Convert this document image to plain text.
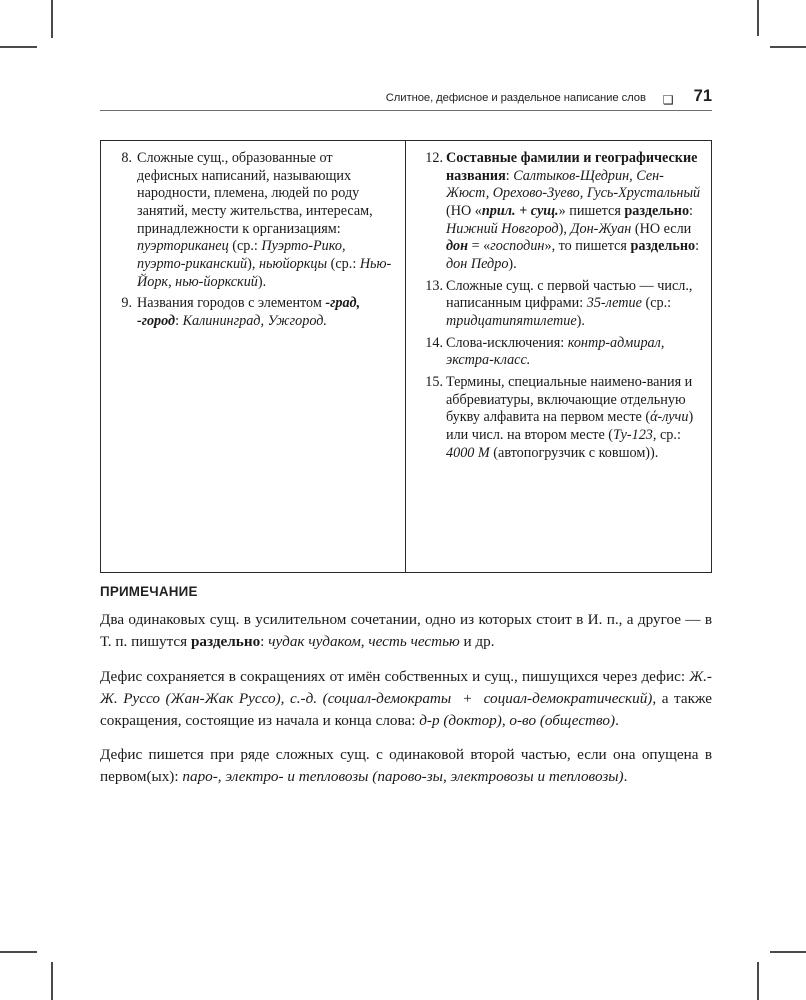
Слитное, дефисное и раздельное написание слов ❑ 71
8. Сложные сущ., образованные от дефисных написаний, называющих народности, племена, людей по роду занятий, месту жительства, интересам, принадлежности к организациям: пуэрториканец (ср.: Пуэрто-Рико, пуэрто-риканский), ньюйоркцы (ср.: Нью-Йорк, нью-йоркский).
9. Названия городов с элементом -град, -город: Калининград, Ужгород.
12. Составные фамилии и географические названия: Салтыков-Щедрин, Сен-Жюст, Орехово-Зуево, Гусь-Хрустальный (НО «прил. + сущ.» пишется раздельно: Нижний Новгород), Дон-Жуан (НО если дон = «господин», то пишется раздельно: дон Педро).
13. Сложные сущ. с первой частью — числ., написанным цифрами: 35-летие (ср.: тридцатипятилетие).
14. Слова-исключения: контр-адмирал, экстра-класс.
15. Термины, специальные наимено-вания и аббревиатуры, включающие отдельную букву алфавита на первом месте (ά-лучи) или числ. на втором месте (Ту-123, ср.: 4000 М (автопогрузчик с ковшом)).
ПРИМЕЧАНИЕ

Два одинаковых сущ. в усилительном сочетании, одно из которых стоит в И. п., а другое — в Т. п. пишутся раздельно: чудак чудаком, честь честью и др.

Дефис сохраняется в сокращениях от имён собственных и сущ., пишущихся через дефис: Ж.-Ж. Руссо (Жан-Жак Руссо), с.-д. (социал-демократы  +  социал-демократический), а также сокращения, состоящие из начала и конца слова: д-р (доктор), о-во (общество).

Дефис пишется при ряде сложных сущ. с одинаковой второй частью, если она опущена в первом(ых): паро-, электро- и тепловозы (парово-зы, электровозы и тепловозы).
